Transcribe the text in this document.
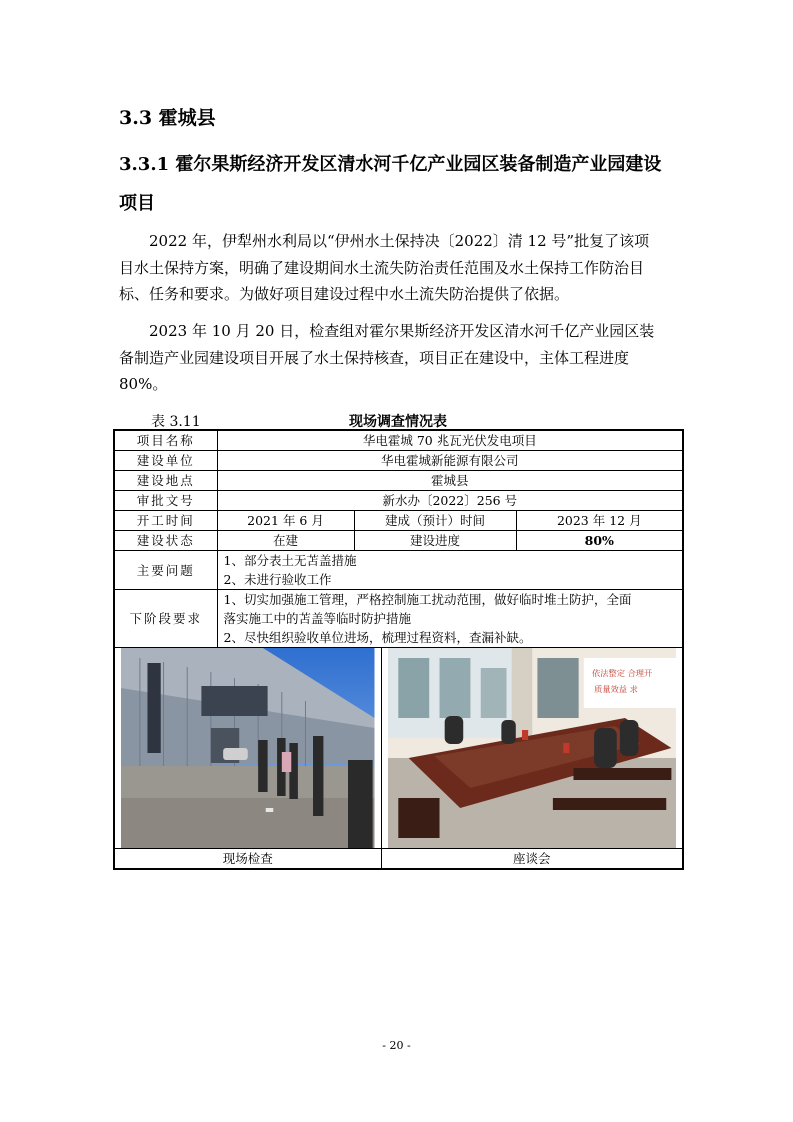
3.3 霍城县
3.3.1 霍尔果斯经济开发区清水河千亿产业园区装备制造产业园建设
项目
2022 年，伊犁州水利局以“伊州水土保持决〔2022〕清 12 号”批复了该项
目水土保持方案，明确了建设期间水土流失防治责任范围及水土保持工作防治目
标、任务和要求。为做好项目建设过程中水土流失防治提供了依据。
2023 年 10 月 20 日，检查组对霍尔果斯经济开发区清水河千亿产业园区装
备制造产业园建设项目开展了水土保持核查，项目正在建设中，主体工程进度
80%。
表 3.11	现场调查情况表
项目名称	华电霍城 70 兆瓦光伏发电项目			
建设单位	华电霍城新能源有限公司			
建设地点	霍城县			
审批文号	新水办〔2022〕256 号			
开工时间	2021 年 6 月	建成（预计）时间		2023 年 12 月
建设状态	在建	建设进度		80%
主要问题	1、部分表土无苫盖措施
2、未进行验收工作			

下阶段要求	1、切实加强施工管理，严格控制施工扰动范围，做好临时堆土防护，全面
落实施工中的苫盖等临时防护措施
2、尽快组织验收单位进场，梳理过程资料，查漏补缺。			

依法整定 合理开
质量效益 求	

现场检查			座谈会	
- 20 -
